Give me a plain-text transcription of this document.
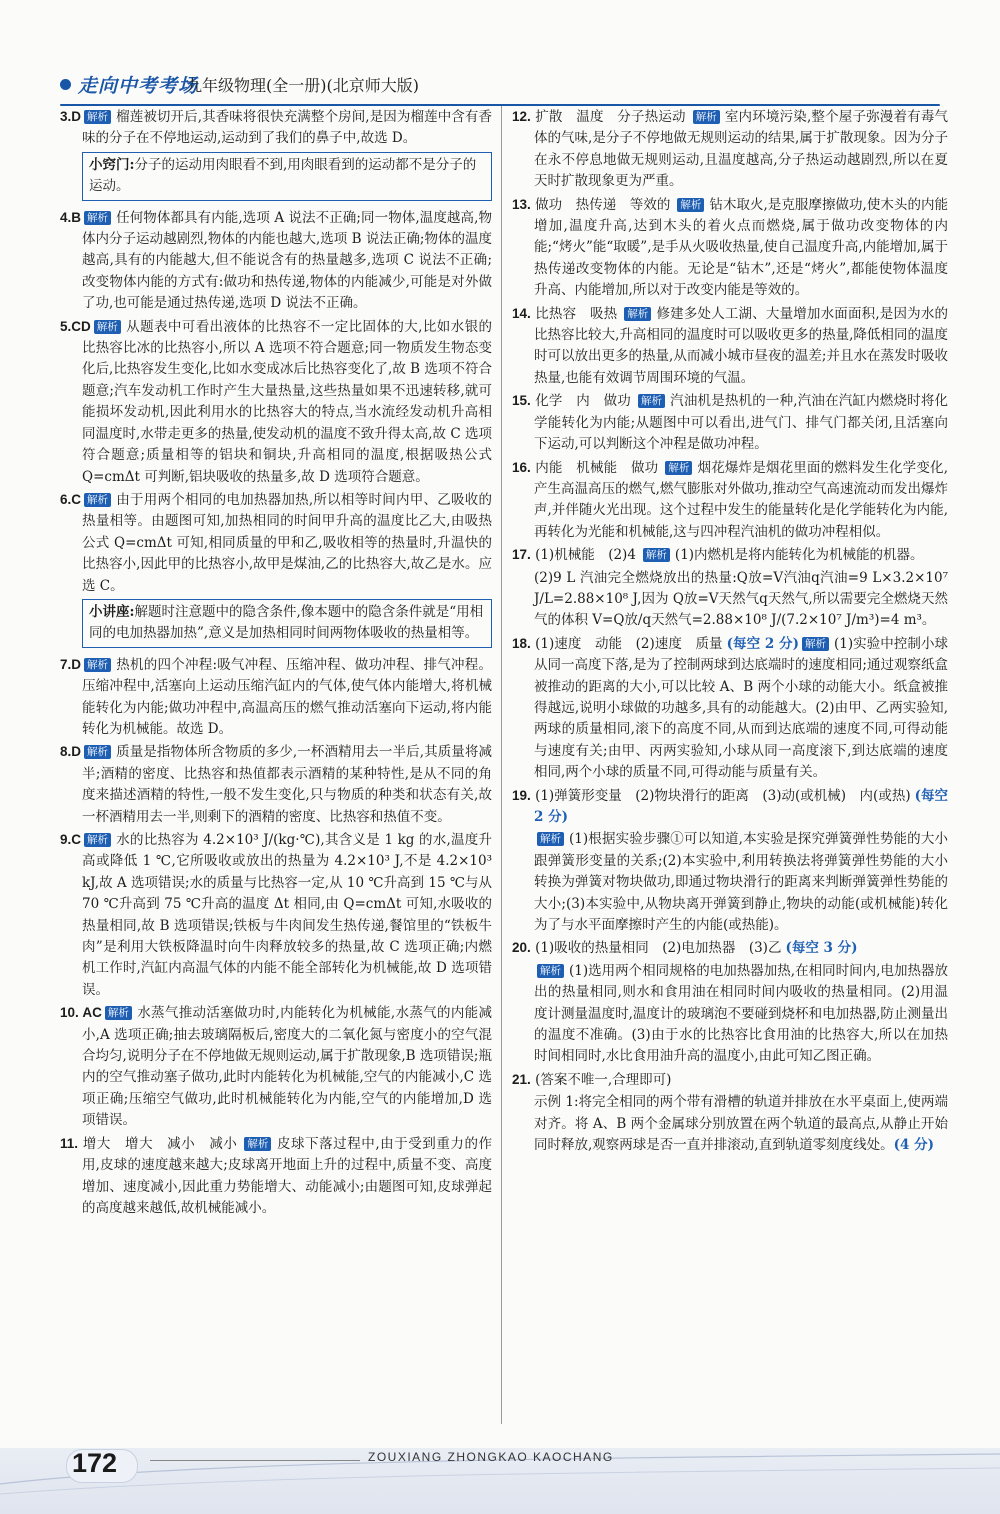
走向中考考场
九年级物理(全一册)(北京师大版)
3.D 解析 榴莲被切开后,其香味将很快充满整个房间,是因为榴莲中含有香味的分子在不停地运动,运动到了我们的鼻子中,故选 D。
小窍门:分子的运动用肉眼看不到,用肉眼看到的运动都不是分子的运动。
4.B 解析 任何物体都具有内能,选项 A 说法不正确;同一物体,温度越高,物体内分子运动越剧烈,物体的内能也越大,选项 B 说法正确;物体的温度越高,具有的内能越大,但不能说含有的热量越多,选项 C 说法不正确;改变物体内能的方式有:做功和热传递,物体的内能减少,可能是对外做了功,也可能是通过热传递,选项 D 说法不正确。
5.CD 解析 从题表中可看出液体的比热容不一定比固体的大,比如水银的比热容比冰的比热容小,所以 A 选项不符合题意;同一物质发生物态变化后,比热容发生变化,比如水变成冰后比热容变化了,故 B 选项不符合题意;汽车发动机工作时产生大量热量,这些热量如果不迅速转移,就可能损坏发动机,因此利用水的比热容大的特点,当水流经发动机升高相同温度时,水带走更多的热量,使发动机的温度不致升得太高,故 C 选项符合题意;质量相等的铝块和铜块,升高相同的温度,根据吸热公式 Q=cmΔt 可判断,铝块吸收的热量多,故 D 选项符合题意。
6.C 解析 由于用两个相同的电加热器加热,所以相等时间内甲、乙吸收的热量相等。由题图可知,加热相同的时间甲升高的温度比乙大,由吸热公式 Q=cmΔt 可知,相同质量的甲和乙,吸收相等的热量时,升温快的比热容小,因此甲的比热容小,故甲是煤油,乙的比热容大,故乙是水。应选 C。
小讲座:解题时注意题中的隐含条件,像本题中的隐含条件就是“用相同的电加热器加热”,意义是加热相同时间两物体吸收的热量相等。
7.D 解析 热机的四个冲程:吸气冲程、压缩冲程、做功冲程、排气冲程。压缩冲程中,活塞向上运动压缩汽缸内的气体,使气体内能增大,将机械能转化为内能;做功冲程中,高温高压的燃气推动活塞向下运动,将内能转化为机械能。故选 D。
8.D 解析 质量是指物体所含物质的多少,一杯酒精用去一半后,其质量将减半;酒精的密度、比热容和热值都表示酒精的某种特性,是从不同的角度来描述酒精的特性,一般不发生变化,只与物质的种类和状态有关,故一杯酒精用去一半,则剩下的酒精的密度、比热容和热值不变。
9.C 解析 水的比热容为 4.2×10³ J/(kg·℃),其含义是 1 kg 的水,温度升高或降低 1 ℃,它所吸收或放出的热量为 4.2×10³ J,不是 4.2×10³ kJ,故 A 选项错误;水的质量与比热容一定,从 10 ℃升高到 15 ℃与从 70 ℃升高到 75 ℃升高的温度 Δt 相同,由 Q=cmΔt 可知,水吸收的热量相同,故 B 选项错误;铁板与牛肉间发生热传递,餐馆里的“铁板牛肉”是利用大铁板降温时向牛肉释放较多的热量,故 C 选项正确;内燃机工作时,汽缸内高温气体的内能不能全部转化为机械能,故 D 选项错误。
10. AC 解析 水蒸气推动活塞做功时,内能转化为机械能,水蒸气的内能减小,A 选项正确;抽去玻璃隔板后,密度大的二氧化氮与密度小的空气混合均匀,说明分子在不停地做无规则运动,属于扩散现象,B 选项错误;瓶内的空气推动塞子做功,此时内能转化为机械能,空气的内能减小,C 选项正确;压缩空气做功,此时机械能转化为内能,空气的内能增加,D 选项错误。
11. 增大　增大　减小　减小 解析 皮球下落过程中,由于受到重力的作用,皮球的速度越来越大;皮球离开地面上升的过程中,质量不变、高度增加、速度减小,因此重力势能增大、动能减小;由题图可知,皮球弹起的高度越来越低,故机械能减小。
12. 扩散　温度　分子热运动 解析 室内环境污染,整个屋子弥漫着有毒气体的气味,是分子不停地做无规则运动的结果,属于扩散现象。因为分子在永不停息地做无规则运动,且温度越高,分子热运动越剧烈,所以在夏天时扩散现象更为严重。
13. 做功　热传递　等效的 解析 钻木取火,是克服摩擦做功,使木头的内能增加,温度升高,达到木头的着火点而燃烧,属于做功改变物体的内能;“烤火”能“取暖”,是手从火吸收热量,使自己温度升高,内能增加,属于热传递改变物体的内能。无论是“钻木”,还是“烤火”,都能使物体温度升高、内能增加,所以对于改变内能是等效的。
14. 比热容　吸热 解析 修建多处人工湖、大量增加水面面积,是因为水的比热容比较大,升高相同的温度时可以吸收更多的热量,降低相同的温度时可以放出更多的热量,从而减小城市昼夜的温差;并且水在蒸发时吸收热量,也能有效调节周围环境的气温。
15. 化学　内　做功 解析 汽油机是热机的一种,汽油在汽缸内燃烧时将化学能转化为内能;从题图中可以看出,进气门、排气门都关闭,且活塞向下运动,可以判断这个冲程是做功冲程。
16. 内能　机械能　做功 解析 烟花爆炸是烟花里面的燃料发生化学变化,产生高温高压的燃气,燃气膨胀对外做功,推动空气高速流动而发出爆炸声,并伴随火光出现。这个过程中发生的能量转化是化学能转化为内能,再转化为光能和机械能,这与四冲程汽油机的做功冲程相似。
17. (1)机械能　(2)4 解析 (1)内燃机是将内能转化为机械能的机器。
(2)9 L 汽油完全燃烧放出的热量:Q放=V汽油q汽油=9 L×3.2×10⁷ J/L=2.88×10⁸ J,因为 Q放=V天然气q天然气,所以需要完全燃烧天然气的体积 V=Q放/q天然气=2.88×10⁸ J/(7.2×10⁷ J/m³)=4 m³。
18. (1)速度　动能　(2)速度　质量 (每空 2 分) 解析 (1)实验中控制小球从同一高度下落,是为了控制两球到达底端时的速度相同;通过观察纸盒被推动的距离的大小,可以比较 A、B 两个小球的动能大小。纸盒被推得越远,说明小球做的功越多,具有的动能越大。(2)由甲、乙两实验知,两球的质量相同,滚下的高度不同,从而到达底端的速度不同,可得动能与速度有关;由甲、丙两实验知,小球从同一高度滚下,到达底端的速度相同,两个小球的质量不同,可得动能与质量有关。
19. (1)弹簧形变量　(2)物块滑行的距离　(3)动(或机械)　内(或热) (每空 2 分)
解析 (1)根据实验步骤①可以知道,本实验是探究弹簧弹性势能的大小跟弹簧形变量的关系;(2)本实验中,利用转换法将弹簧弹性势能的大小转换为弹簧对物块做功,即通过物块滑行的距离来判断弹簧弹性势能的大小;(3)本实验中,从物块离开弹簧到静止,物块的动能(或机械能)转化为了与水平面摩擦时产生的内能(或热能)。
20. (1)吸收的热量相同　(2)电加热器　(3)乙 (每空 3 分)
解析 (1)选用两个相同规格的电加热器加热,在相同时间内,电加热器放出的热量相同,则水和食用油在相同时间内吸收的热量相同。(2)用温度计测量温度时,温度计的玻璃泡不要碰到烧杯和电加热器,防止测量出的温度不准确。(3)由于水的比热容比食用油的比热容大,所以在加热时间相同时,水比食用油升高的温度小,由此可知乙图正确。
21. (答案不唯一,合理即可)
示例 1:将完全相同的两个带有滑槽的轨道并排放在水平桌面上,使两端对齐。将 A、B 两个金属球分别放置在两个轨道的最高点,从静止开始同时释放,观察两球是否一直并排滚动,直到轨道零刻度线处。(4 分)
172	ZOUXIANG ZHONGKAO KAOCHANG
